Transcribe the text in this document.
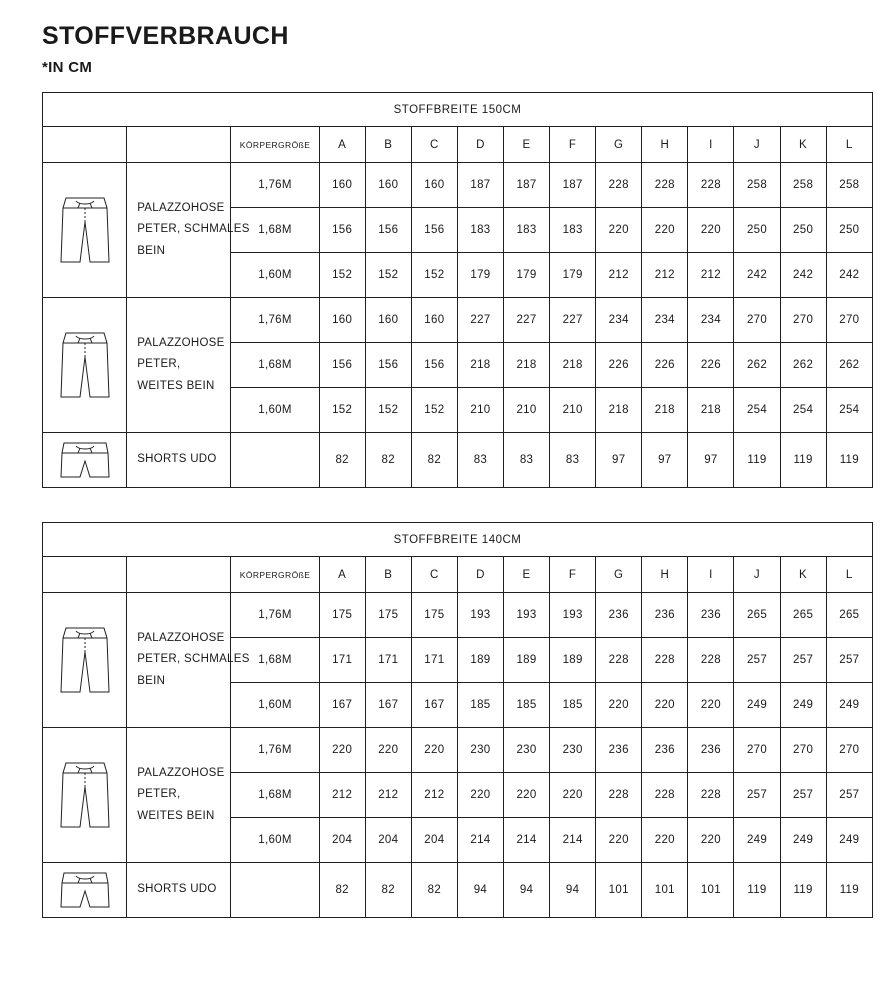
STOFFVERBRAUCH
*IN CM
STOFFBREITE 150CM														
		KÖRPERGRÖßE	A	B	C	D	E	F	G	H	I	J	K	L

PALAZZOHOSE
PETER, SCHMALES
BEIN	1,76M	160	160	160	187	187	187	228	228	228	258	258	258
		1,68M	156	156	156	183	183	183	220	220	220	250	250	250
		1,60M	152	152	152	179	179	179	212	212	212	242	242	242

PALAZZOHOSE
PETER,
WEITES BEIN	1,76M	160	160	160	227	227	227	234	234	234	270	270	270
		1,68M	156	156	156	218	218	218	226	226	226	262	262	262
		1,60M	152	152	152	210	210	210	218	218	218	254	254	254

SHORTS UDO		82	82	82	83	83	83	97	97	97	119	119	119
STOFFBREITE 140CM														
		KÖRPERGRÖßE	A	B	C	D	E	F	G	H	I	J	K	L

PALAZZOHOSE
PETER, SCHMALES
BEIN	1,76M	175	175	175	193	193	193	236	236	236	265	265	265
		1,68M	171	171	171	189	189	189	228	228	228	257	257	257
		1,60M	167	167	167	185	185	185	220	220	220	249	249	249

PALAZZOHOSE
PETER,
WEITES BEIN	1,76M	220	220	220	230	230	230	236	236	236	270	270	270
		1,68M	212	212	212	220	220	220	228	228	228	257	257	257
		1,60M	204	204	204	214	214	214	220	220	220	249	249	249

SHORTS UDO		82	82	82	94	94	94	101	101	101	119	119	119
